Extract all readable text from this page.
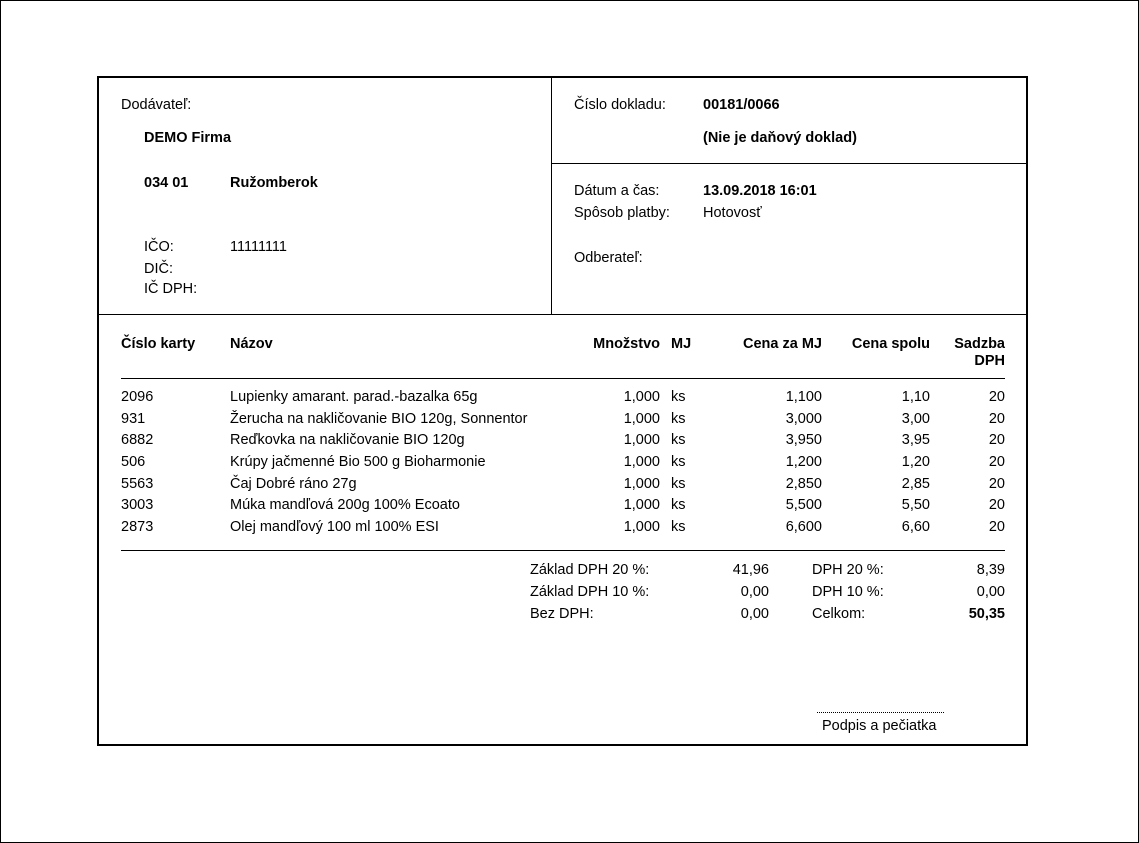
Dodávateľ:
DEMO Firma
034 01	Ružomberok
IČO:	11111111
DIČ:
IČ DPH:
Číslo dokladu:	00181/0066
(Nie je daňový doklad)
Dátum a čas:	13.09.2018 16:01
Spôsob platby: Hotovosť
Odberateľ:
Číslo karty Názov	Množstvo MJ	Cena za MJ	Cena spolu	Sadzba
DPH
2096	Lupienky amarant. parad.-bazalka 65g	1,000 ks	1,100	1,10	20
931	Žerucha na nakličovanie BIO 120g, Sonnentor	1,000 ks	3,000	3,00	20
6882	Reďkovka na nakličovanie BIO 120g	1,000 ks	3,950	3,95	20
506	Krúpy jačmenné Bio 500 g Bioharmonie	1,000 ks	1,200	1,20	20
5563	Čaj Dobré ráno 27g	1,000 ks	2,850	2,85	20
3003	Múka mandľová 200g 100% Ecoato	1,000 ks	5,500	5,50	20
2873	Olej mandľový 100 ml 100% ESI	1,000 ks	6,600	6,60	20
Základ DPH 20 %:	41,96
Základ DPH 10 %:	0,00
Bez DPH:	0,00
DPH 20 %:	8,39
DPH 10 %:	0,00
Celkom:	50,35
Podpis a pečiatka
